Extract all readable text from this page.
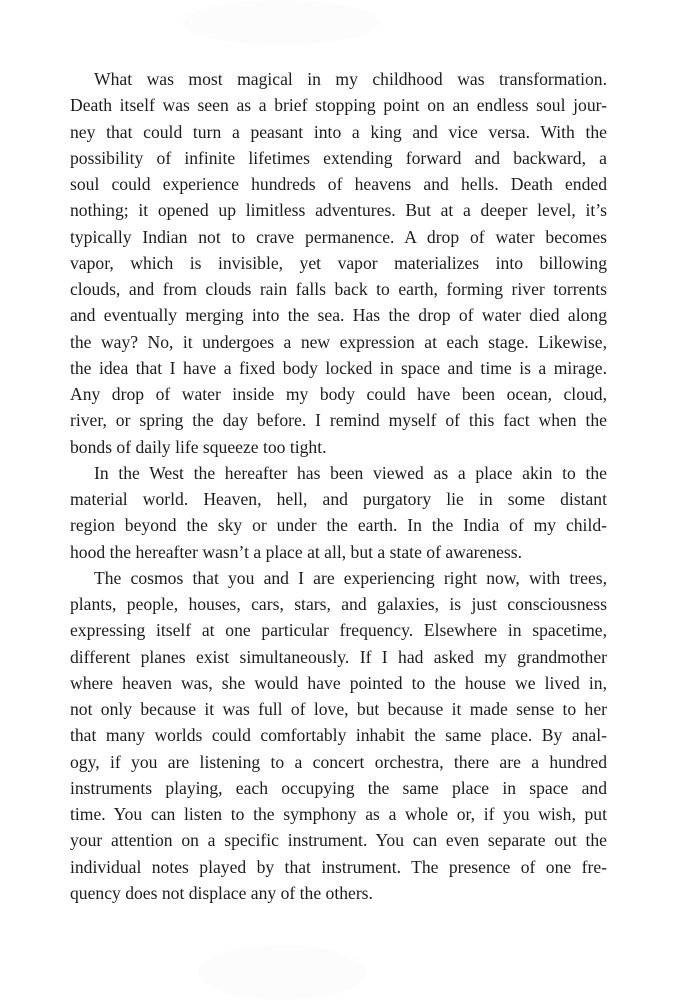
What was most magical in my childhood was transformation.
Death itself was seen as a brief stopping point on an endless soul jour-
ney that could turn a peasant into a king and vice versa. With the
possibility of infinite lifetimes extending forward and backward, a
soul could experience hundreds of heavens and hells. Death ended
nothing; it opened up limitless adventures. But at a deeper level, it’s
typically Indian not to crave permanence. A drop of water becomes
vapor, which is invisible, yet vapor materializes into billowing
clouds, and from clouds rain falls back to earth, forming river torrents
and eventually merging into the sea. Has the drop of water died along
the way? No, it undergoes a new expression at each stage. Likewise,
the idea that I have a fixed body locked in space and time is a mirage.
Any drop of water inside my body could have been ocean, cloud,
river, or spring the day before. I remind myself of this fact when the
bonds of daily life squeeze too tight.
In the West the hereafter has been viewed as a place akin to the
material world. Heaven, hell, and purgatory lie in some distant
region beyond the sky or under the earth. In the India of my child-
hood the hereafter wasn’t a place at all, but a state of awareness.
The cosmos that you and I are experiencing right now, with trees,
plants, people, houses, cars, stars, and galaxies, is just consciousness
expressing itself at one particular frequency. Elsewhere in spacetime,
different planes exist simultaneously. If I had asked my grandmother
where heaven was, she would have pointed to the house we lived in,
not only because it was full of love, but because it made sense to her
that many worlds could comfortably inhabit the same place. By anal-
ogy, if you are listening to a concert orchestra, there are a hundred
instruments playing, each occupying the same place in space and
time. You can listen to the symphony as a whole or, if you wish, put
your attention on a specific instrument. You can even separate out the
individual notes played by that instrument. The presence of one fre-
quency does not displace any of the others.
